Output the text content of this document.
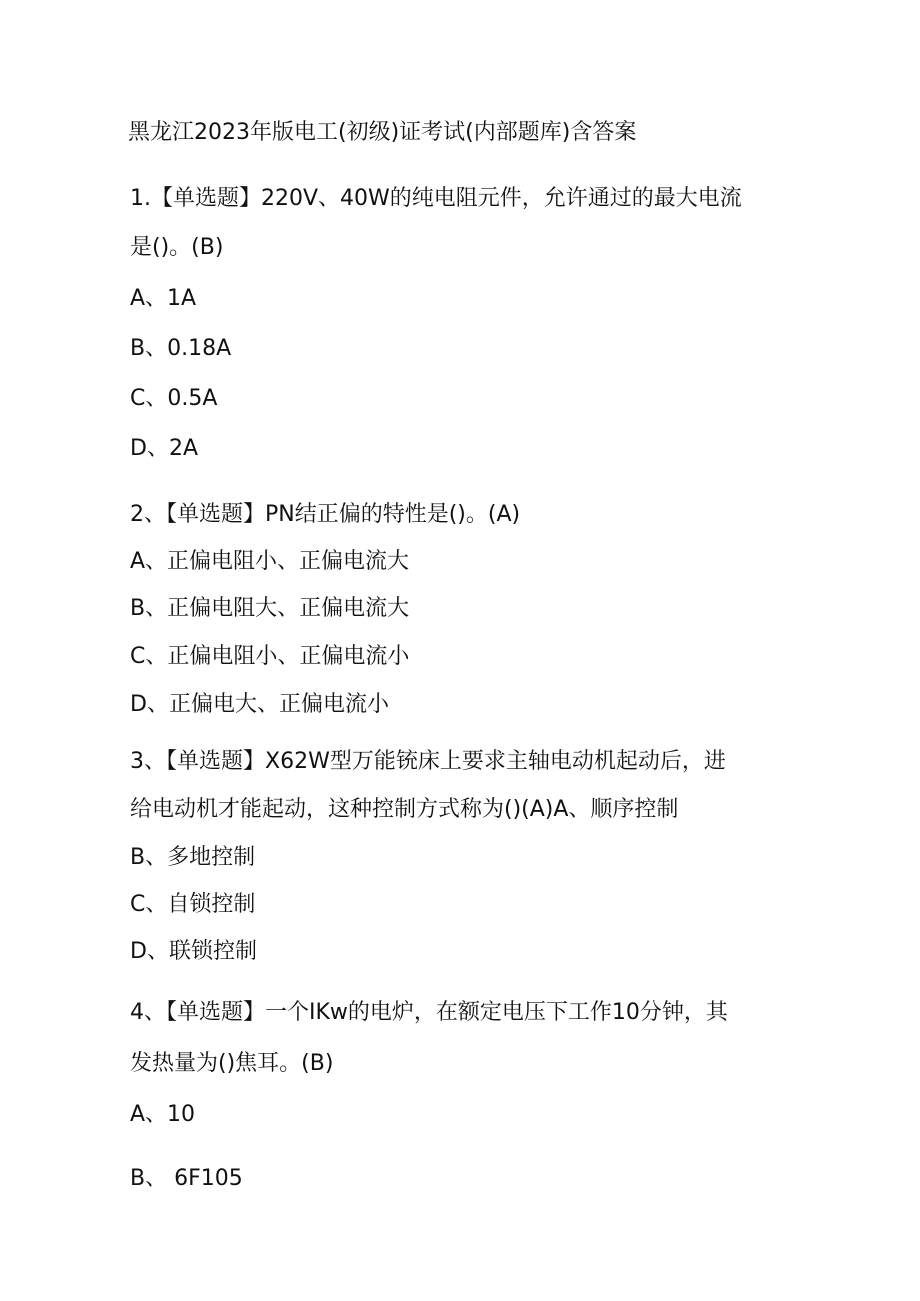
黑龙江2023年版电工(初级)证考试(内部题库)含答案
1.【单选题】220V、40W的纯电阻元件，允许通过的最大电流
是()。(B)
A、1A
B、0.18A
C、0.5A
D、2A
2、【单选题】PN结正偏的特性是()。(A)
A、正偏电阻小、正偏电流大
B、正偏电阻大、正偏电流大
C、正偏电阻小、正偏电流小
D、正偏电大、正偏电流小
3、【单选题】X62W型万能铳床上要求主轴电动机起动后，进
给电动机才能起动，这种控制方式称为()(A)A、顺序控制
B、多地控制
C、自锁控制
D、联锁控制
4、【单选题】一个IKw的电炉，在额定电压下工作10分钟，其
发热量为()焦耳。(B)
A、10
B、 6F105
